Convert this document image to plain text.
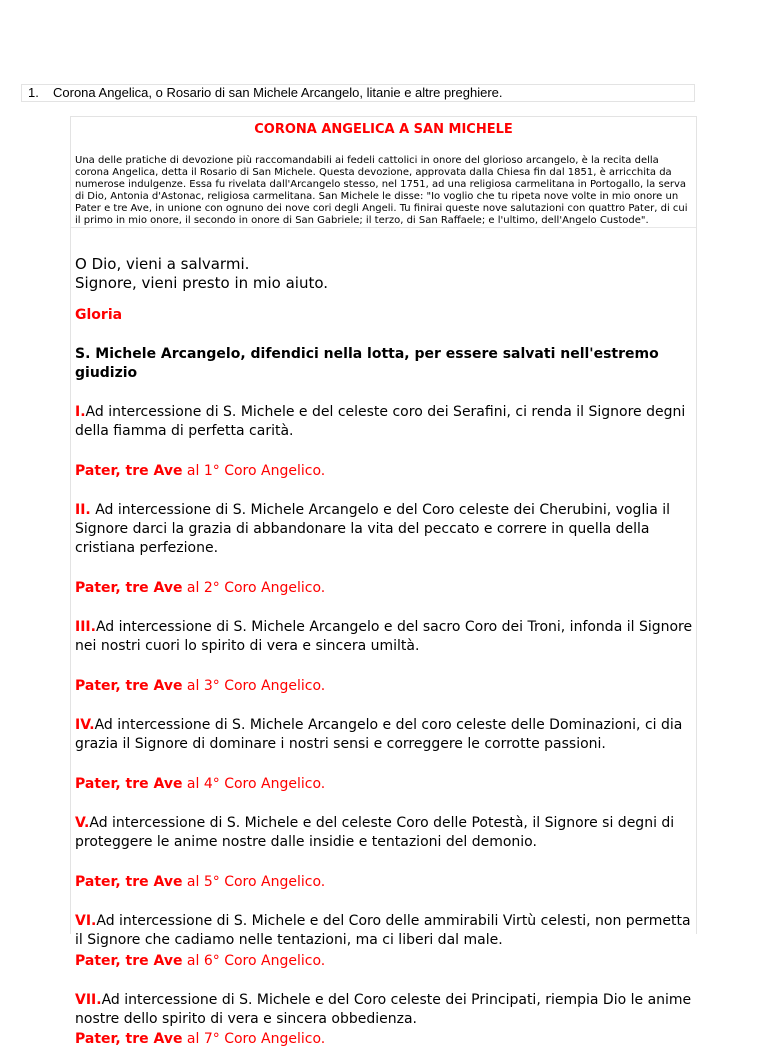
1. Corona Angelica, o Rosario di san Michele Arcangelo, litanie e altre preghiere.
CORONA ANGELICA A SAN MICHELE
Una delle pratiche di devozione più raccomandabili ai fedeli cattolici in onore del glorioso arcangelo, è la recita della corona Angelica, detta il Rosario di San Michele. Questa devozione, approvata dalla Chiesa fin dal 1851, è arricchita da numerose indulgenze. Essa fu rivelata dall'Arcangelo stesso, nel 1751, ad una religiosa carmelitana in Portogallo, la serva di Dio, Antonia d'Astonac, religiosa carmelitana. San Michele le disse: "Io voglio che tu ripeta nove volte in mio onore un Pater e tre Ave, in unione con ognuno dei nove cori degli Angeli. Tu finirai queste nove salutazioni con quattro Pater, di cui il primo in mio onore, il secondo in onore di San Gabriele; il terzo, di San Raffaele; e l'ultimo, dell'Angelo Custode".

O Dio, vieni a salvarmi.

Signore, vieni presto in mio aiuto.

Gloria
S. Michele Arcangelo, difendici nella lotta, per essere salvati nell'estremo giudizio
I.Ad intercessione di S. Michele e del celeste coro dei Serafini, ci renda il Signore degni della fiamma di perfetta carità.
Pater, tre Ave al 1° Coro Angelico.
II. Ad intercessione di S. Michele Arcangelo e del Coro celeste dei Cherubini, voglia il Signore darci la grazia di abbandonare la vita del peccato e correre in quella della cristiana perfezione.
Pater, tre Ave al 2° Coro Angelico.
III.Ad intercessione di S. Michele Arcangelo e del sacro Coro dei Troni, infonda il Signore nei nostri cuori lo spirito di vera e sincera umiltà.
Pater, tre Ave al 3° Coro Angelico.
IV.Ad intercessione di S. Michele Arcangelo e del coro celeste delle Dominazioni, ci dia grazia il Signore di dominare i nostri sensi e correggere le corrotte passioni.
Pater, tre Ave al 4° Coro Angelico.
V.Ad intercessione di S. Michele e del celeste Coro delle Potestà, il Signore si degni di proteggere le anime nostre dalle insidie e tentazioni del demonio.
Pater, tre Ave al 5° Coro Angelico.
VI.Ad intercessione di S. Michele e del Coro delle ammirabili Virtù celesti, non permetta il Signore che cadiamo nelle tentazioni, ma ci liberi dal male.
Pater, tre Ave al 6° Coro Angelico.
VII.Ad intercessione di S. Michele e del Coro celeste dei Principati, riempia Dio le anime nostre dello spirito di vera e sincera obbedienza.
Pater, tre Ave al 7° Coro Angelico.
